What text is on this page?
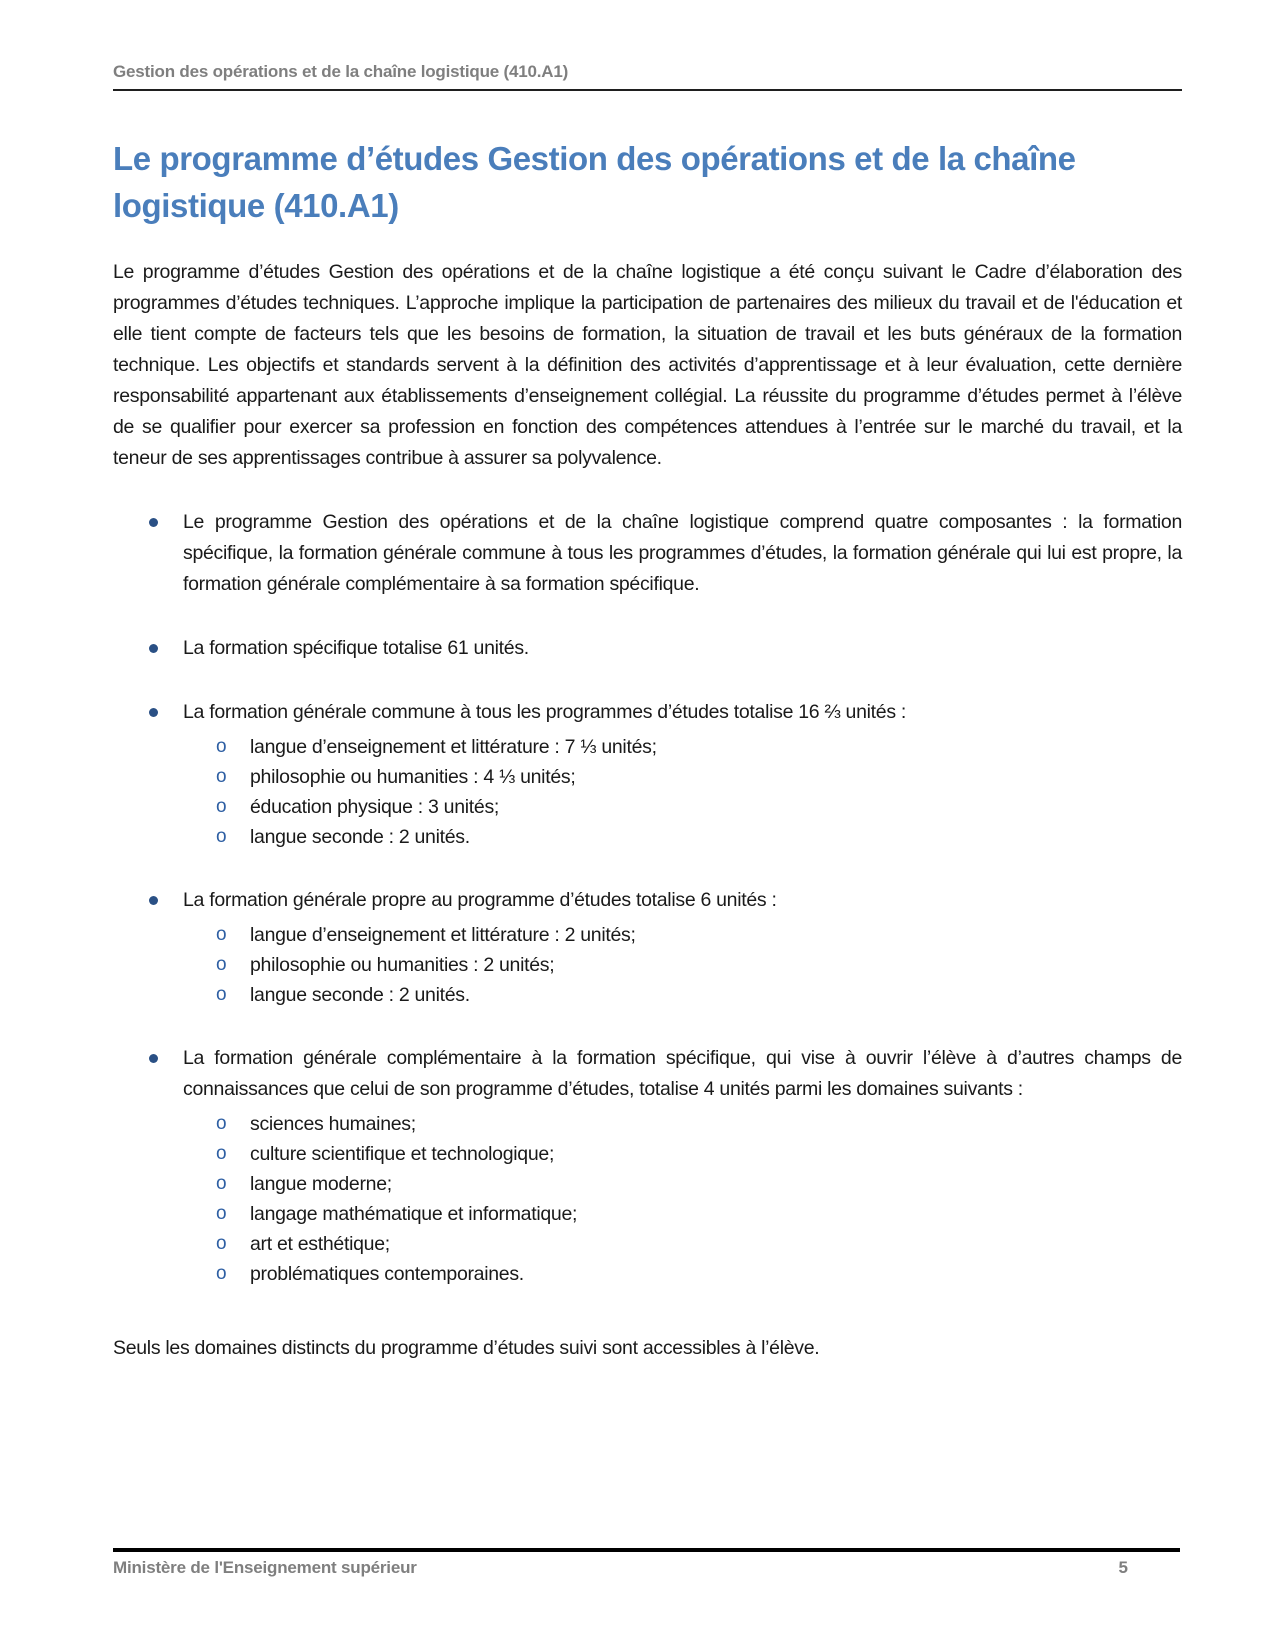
Gestion des opérations et de la chaîne logistique (410.A1)
Le programme d’études Gestion des opérations et de la chaîne logistique (410.A1)

Le programme d’études Gestion des opérations et de la chaîne logistique a été conçu suivant le Cadre d’élaboration des programmes d’études techniques. L’approche implique la participation de partenaires des milieux du travail et de l'éducation et elle tient compte de facteurs tels que les besoins de formation, la situation de travail et les buts généraux de la formation technique. Les objectifs et standards servent à la définition des activités d’apprentissage et à leur évaluation, cette dernière responsabilité appartenant aux établissements d’enseignement collégial. La réussite du programme d’études permet à l’élève de se qualifier pour exercer sa profession en fonction des compétences attendues à l’entrée sur le marché du travail, et la teneur de ses apprentissages contribue à assurer sa polyvalence.

Le programme Gestion des opérations et de la chaîne logistique comprend quatre composantes : la formation spécifique, la formation générale commune à tous les programmes d’études, la formation générale qui lui est propre, la formation générale complémentaire à sa formation spécifique.
La formation spécifique totalise 61 unités.
La formation générale commune à tous les programmes d’études totalise 16 ⅔ unités :
o langue d’enseignement et littérature : 7 ⅓ unités;
o philosophie ou humanities : 4 ⅓ unités;
o éducation physique : 3 unités;
o langue seconde : 2 unités.
La formation générale propre au programme d’études totalise 6 unités :
o langue d’enseignement et littérature : 2 unités;
o philosophie ou humanities : 2 unités;
o langue seconde : 2 unités.
La formation générale complémentaire à la formation spécifique, qui vise à ouvrir l’élève à d’autres champs de connaissances que celui de son programme d’études, totalise 4 unités parmi les domaines suivants :
o sciences humaines;
o culture scientifique et technologique;
o langue moderne;
o langage mathématique et informatique;
o art et esthétique;
o problématiques contemporaines.

Seuls les domaines distincts du programme d’études suivi sont accessibles à l’élève.

Ministère de l'Enseignement supérieur	5
